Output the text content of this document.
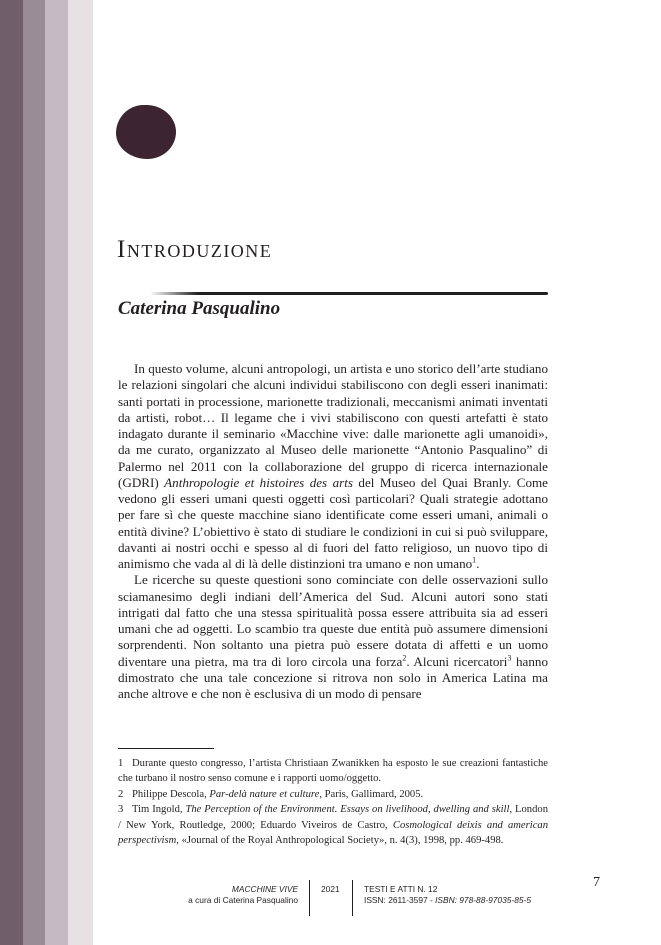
Introduzione
Caterina Pasqualino

In questo volume, alcuni antropologi, un artista e uno storico dell’arte studiano le relazioni singolari che alcuni individui stabiliscono con degli esseri inanimati: santi portati in processione, marionette tradizionali, meccanismi animati inventati da artisti, robot… Il legame che i vivi stabiliscono con questi artefatti è stato indagato durante il seminario «Macchine vive: dalle marionette agli umanoidi», da me curato, organizzato al Museo delle marionette “Antonio Pasqualino” di Palermo nel 2011 con la collaborazione del gruppo di ricerca internazionale (GDRI) Anthropologie et histoires des arts del Museo del Quai Branly. Come vedono gli esseri umani questi oggetti così particolari? Quali strategie adottano per fare sì che queste macchine siano identificate come esseri umani, animali o entità divine? L’obiettivo è stato di studiare le condizioni in cui si può sviluppare, davanti ai nostri occhi e spesso al di fuori del fatto religioso, un nuovo tipo di animismo che vada al di là delle distinzioni tra umano e non umano$^1$.

Le ricerche su queste questioni sono cominciate con delle osservazioni sullo sciamanesimo degli indiani dell’America del Sud. Alcuni autori sono stati intrigati dal fatto che una stessa spiritualità possa essere attribuita sia ad esseri umani che ad oggetti. Lo scambio tra queste due entità può assumere dimensioni sorprendenti. Non soltanto una pietra può essere dotata di affetti e un uomo diventare una pietra, ma tra di loro circola una forza$^2$. Alcuni ricercatori$^3$ hanno dimostrato che una tale concezione si ritrova non solo in America Latina ma anche altrove e che non è esclusiva di un modo di pensare

1 Durante questo congresso, l’artista Christiaan Zwanikken ha esposto le sue creazioni fantastiche che turbano il nostro senso comune e i rapporti uomo/oggetto.

2 Philippe Descola, Par-delà nature et culture, Paris, Gallimard, 2005.

3 Tim Ingold, The Perception of the Environment. Essays on livelihood, dwelling and skill, London / New York, Routledge, 2000; Eduardo Viveiros de Castro, Cosmological deixis and american perspectivism, «Journal of the Royal Anthropological Society», n. 4(3), 1998, pp. 469-498.

MACCHINE VIVE
a cura di Caterina Pasqualino
2021	TESTI E ATTI N. 12
ISSN: 2611-3597 - ISBN: 978-88-97035-85-5
7
